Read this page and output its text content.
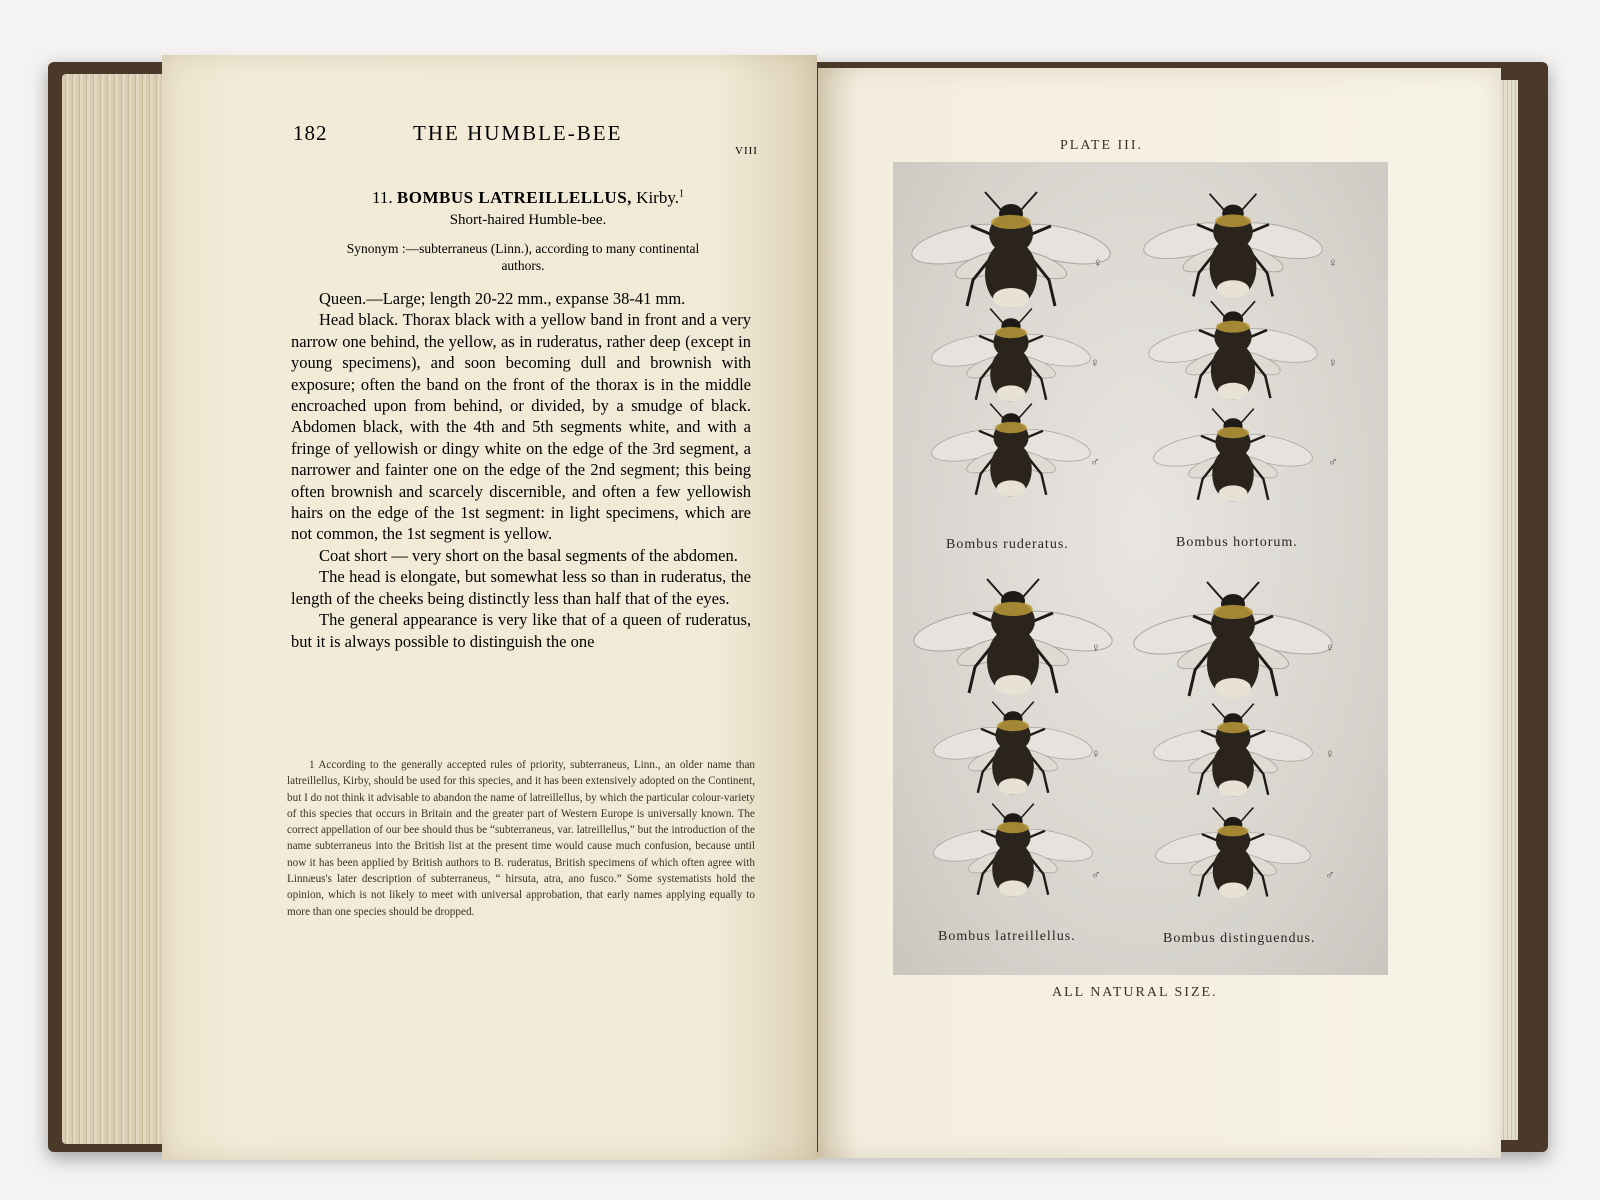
182	THE HUMBLE-BEE
VIII
11. BOMBUS LATREILLELLUS, Kirby.$^1$
Short-haired Humble-bee.
Synonym :—subterraneus (Linn.), according to many continental
authors.

Queen.—Large; length 20-22 mm., expanse 38-41 mm.

Head black. Thorax black with a yellow band in front and a very narrow one behind, the yellow, as in ruderatus, rather deep (except in young specimens), and soon becoming dull and brownish with exposure; often the band on the front of the thorax is in the middle encroached upon from behind, or divided, by a smudge of black. Abdomen black, with the 4th and 5th segments white, and with a fringe of yellowish or dingy white on the edge of the 3rd segment, a narrower and fainter one on the edge of the 2nd segment; this being often brownish and scarcely discernible, and often a few yellowish hairs on the edge of the 1st segment: in light specimens, which are not common, the 1st segment is yellow.

Coat short — very short on the basal segments of the abdomen.

The head is elongate, but somewhat less so than in ruderatus, the length of the cheeks being distinctly less than half that of the eyes.

The general appearance is very like that of a queen of ruderatus, but it is always possible to distinguish the one

1 According to the generally accepted rules of priority, subterraneus, Linn., an older name than latreillellus, Kirby, should be used for this species, and it has been extensively adopted on the Continent, but I do not think it advisable to abandon the name of latreillellus, by which the particular colour-variety of this species that occurs in Britain and the greater part of Western Europe is universally known. The correct appellation of our bee should thus be “subterraneus, var. latreillellus,” but the introduction of the name subterraneus into the British list at the present time would cause much confusion, because until now it has been applied by British authors to B. ruderatus, British specimens of which often agree with Linnæus's later description of subterraneus, “ hirsuta, atra, ano fusco.” Some systematists hold the opinion, which is not likely to meet with universal approbation, that early names applying equally to more than one species should be dropped.

PLATE III.
♀
♀
♂
♀
♀
♂
♀
♀
♂
♀
♀
♂
Bombus ruderatus.	Bombus hortorum.
Bombus latreillellus.	Bombus distinguendus.
ALL NATURAL SIZE.
